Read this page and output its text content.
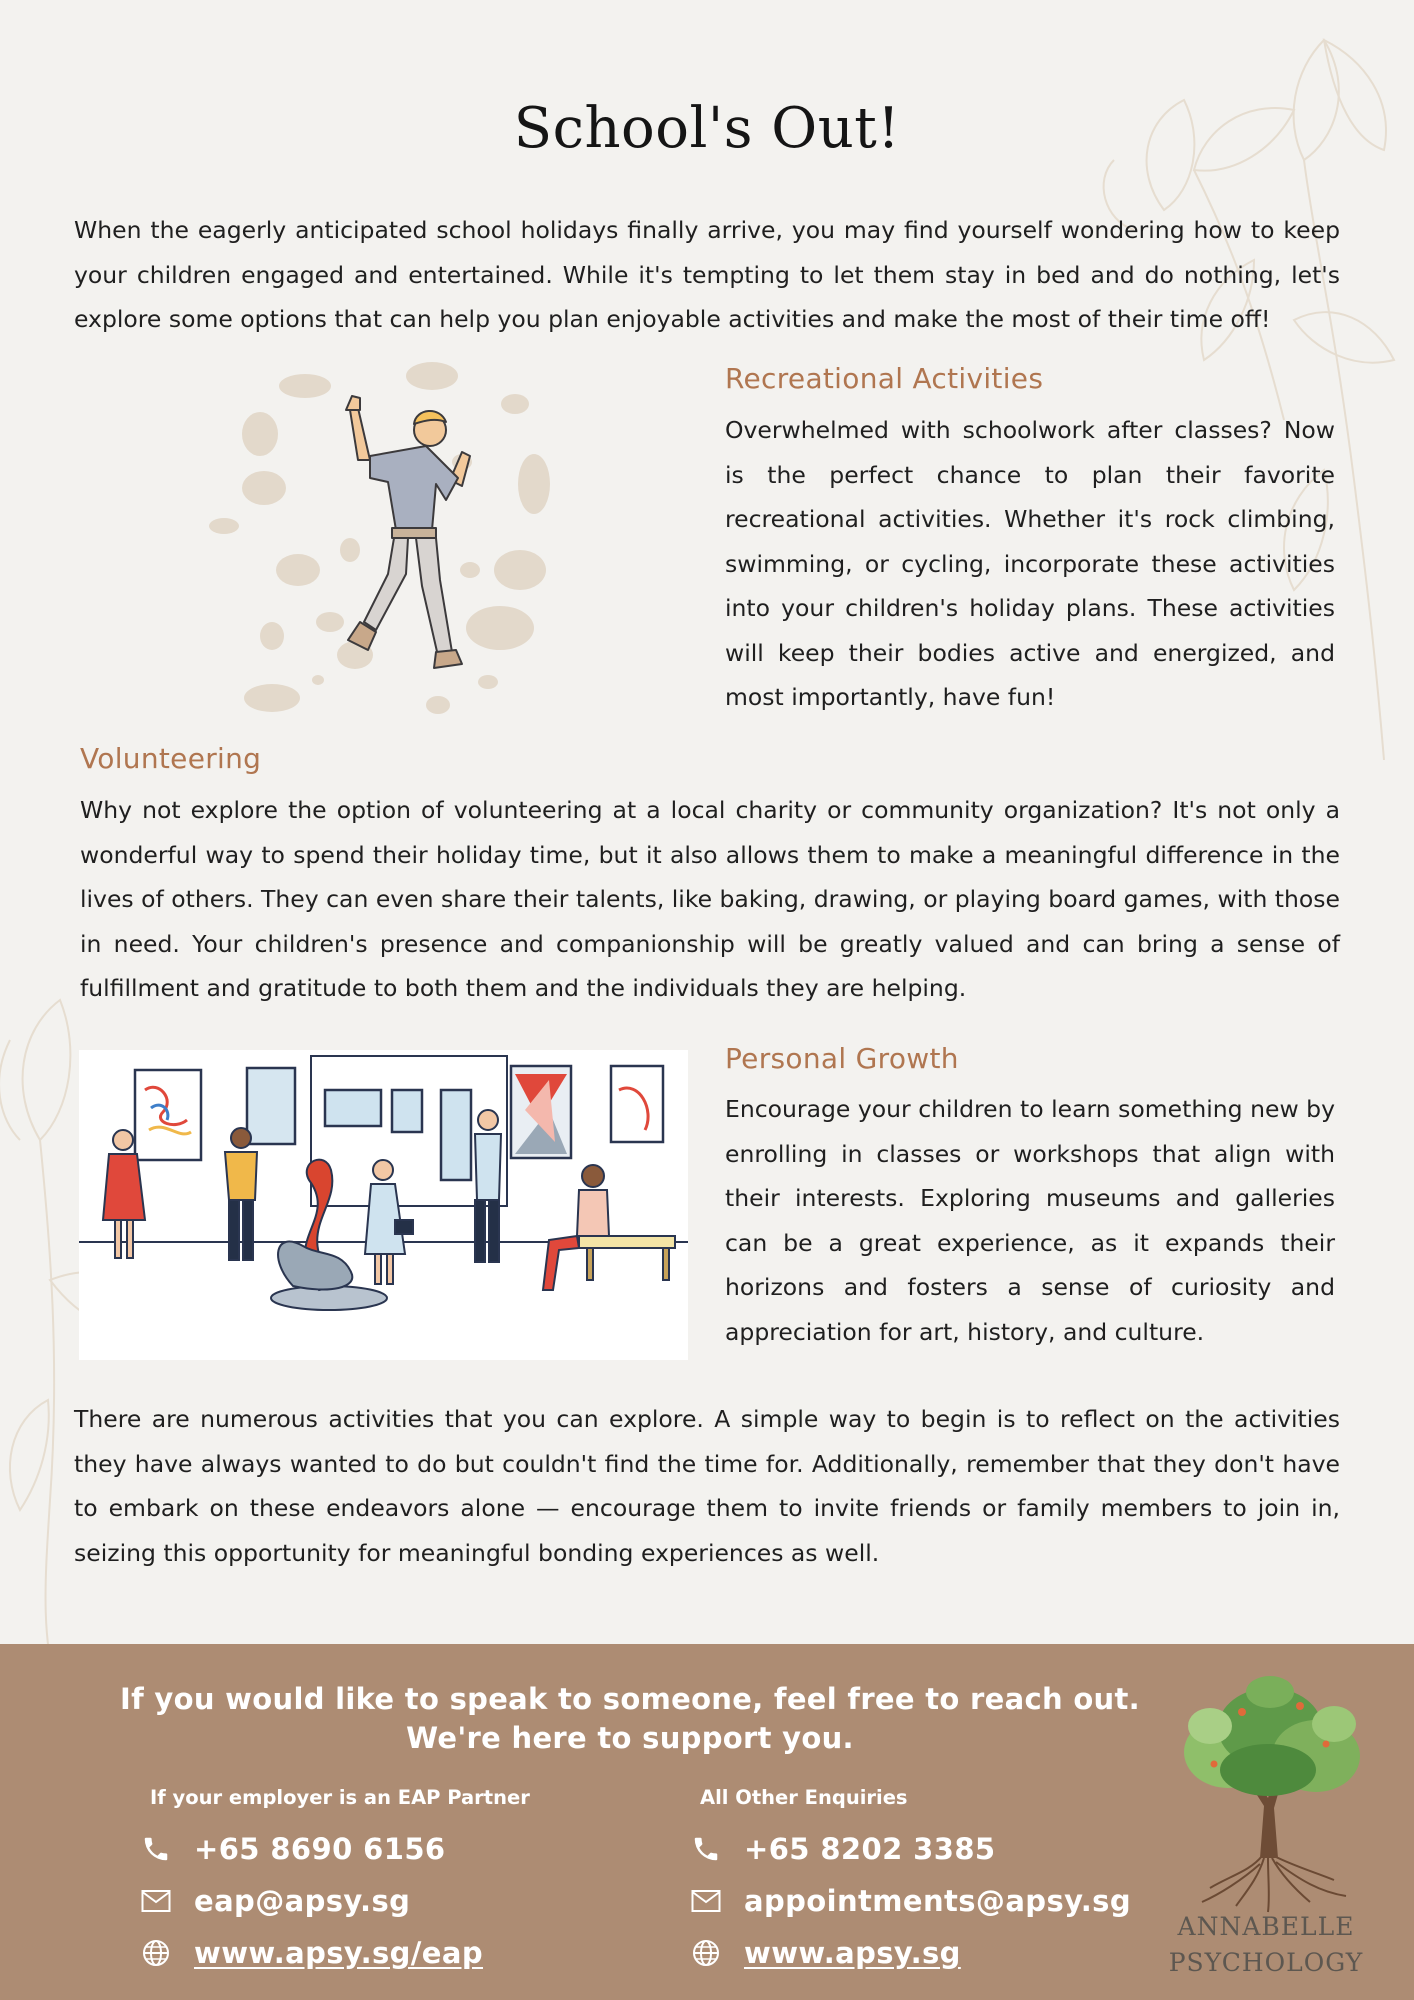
School's Out!

When the eagerly anticipated school holidays finally arrive, you may find yourself wondering how to keep your children engaged and entertained. While it's tempting to let them stay in bed and do nothing, let's explore some options that can help you plan enjoyable activities and make the most of their time off!

Recreational Activities

Overwhelmed with schoolwork after classes? Now is the perfect chance to plan their favorite recreational activities. Whether it's rock climbing, swimming, or cycling, incorporate these activities into your children's holiday plans. These activities will keep their bodies active and energized, and most importantly, have fun!

Volunteering

Why not explore the option of volunteering at a local charity or community organization? It's not only a wonderful way to spend their holiday time, but it also allows them to make a meaningful difference in the lives of others. They can even share their talents, like baking, drawing, or playing board games, with those in need. Your children's presence and companionship will be greatly valued and can bring a sense of fulfillment and gratitude to both them and the individuals they are helping.

Personal Growth

Encourage your children to learn something new by enrolling in classes or workshops that align with their interests. Exploring museums and galleries can be a great experience, as it expands their horizons and fosters a sense of curiosity and appreciation for art, history, and culture.

There are numerous activities that you can explore. A simple way to begin is to reflect on the activities they have always wanted to do but couldn't find the time for. Additionally, remember that they don't have to embark on these endeavors alone — encourage them to invite friends or family members to join in, seizing this opportunity for meaningful bonding experiences as well.

If you would like to speak to someone, feel free to reach out.
We're here to support you.
If your employer is an EAP Partner
+65 8690 6156
eap@apsy.sg
www.apsy.sg/eap
All Other Enquiries
+65 8202 3385
appointments@apsy.sg
www.apsy.sg
ANNABELLE
PSYCHOLOGY
